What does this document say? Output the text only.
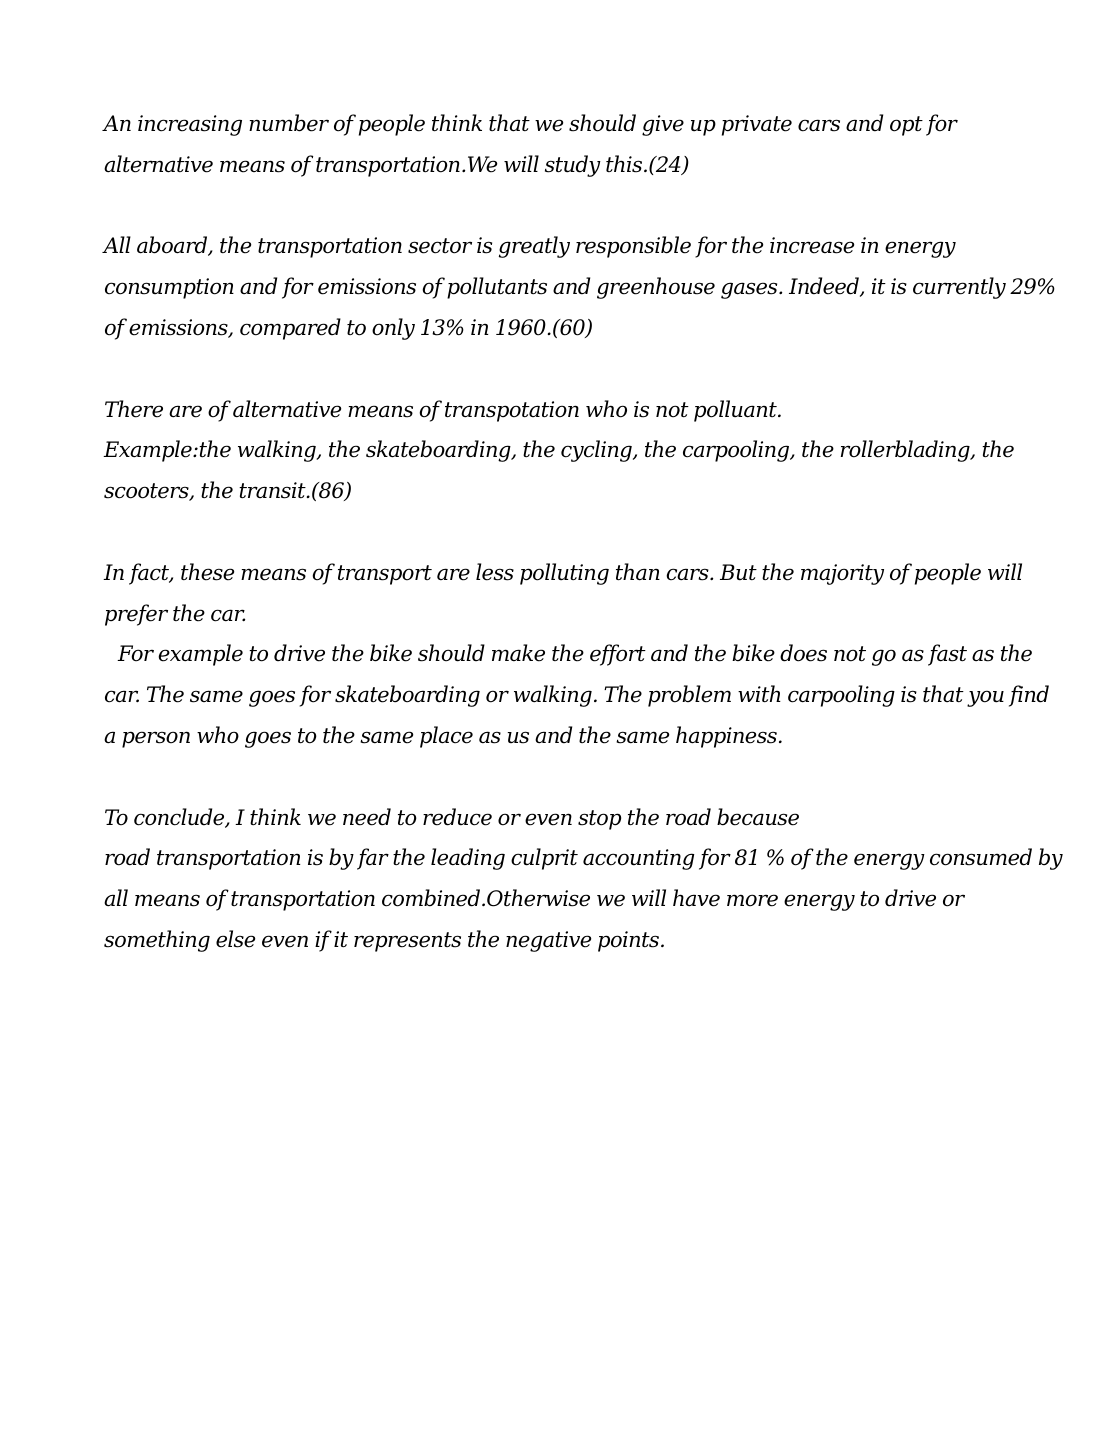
An increasing number of people think that we should give up private cars and opt for
alternative means of transportation.We will study this.(24)

All aboard, the transportation sector is greatly responsible for the increase in energy
consumption and for emissions of pollutants and greenhouse gases. Indeed, it is currently 29%
of emissions, compared to only 13% in 1960.(60)

There are of alternative means of transpotation who is not polluant.
Example:the walking, the skateboarding, the cycling, the carpooling, the rollerblading, the
scooters, the transit.(86)

In fact, these means of transport are less polluting than cars. But the majority of people will
prefer the car.
For example to drive the bike should make the effort and the bike does not go as fast as the
car. The same goes for skateboarding or walking. The problem with carpooling is that you find
a person who goes to the same place as us and the same happiness.

To conclude, I think we need to reduce or even stop the road because
road transportation is by far the leading culprit accounting for 81 % of the energy consumed by
all means of transportation combined.Otherwise we will have more energy to drive or
something else even if it represents the negative points.
